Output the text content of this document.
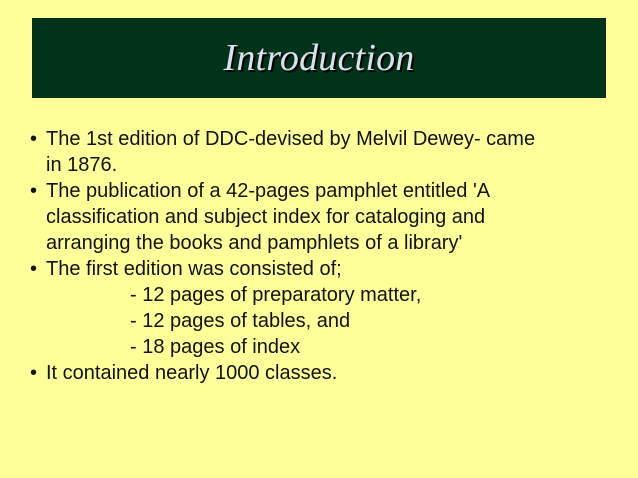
Introduction
• The 1st edition of DDC-devised by Melvil Dewey- came
in 1876.
• The publication of a 42-pages pamphlet entitled 'A
classification and subject index for cataloging and
arranging the books and pamphlets of a library'
• The first edition was consisted of;
- 12 pages of preparatory matter,
- 12 pages of tables, and
- 18 pages of index
• It contained nearly 1000 classes.
